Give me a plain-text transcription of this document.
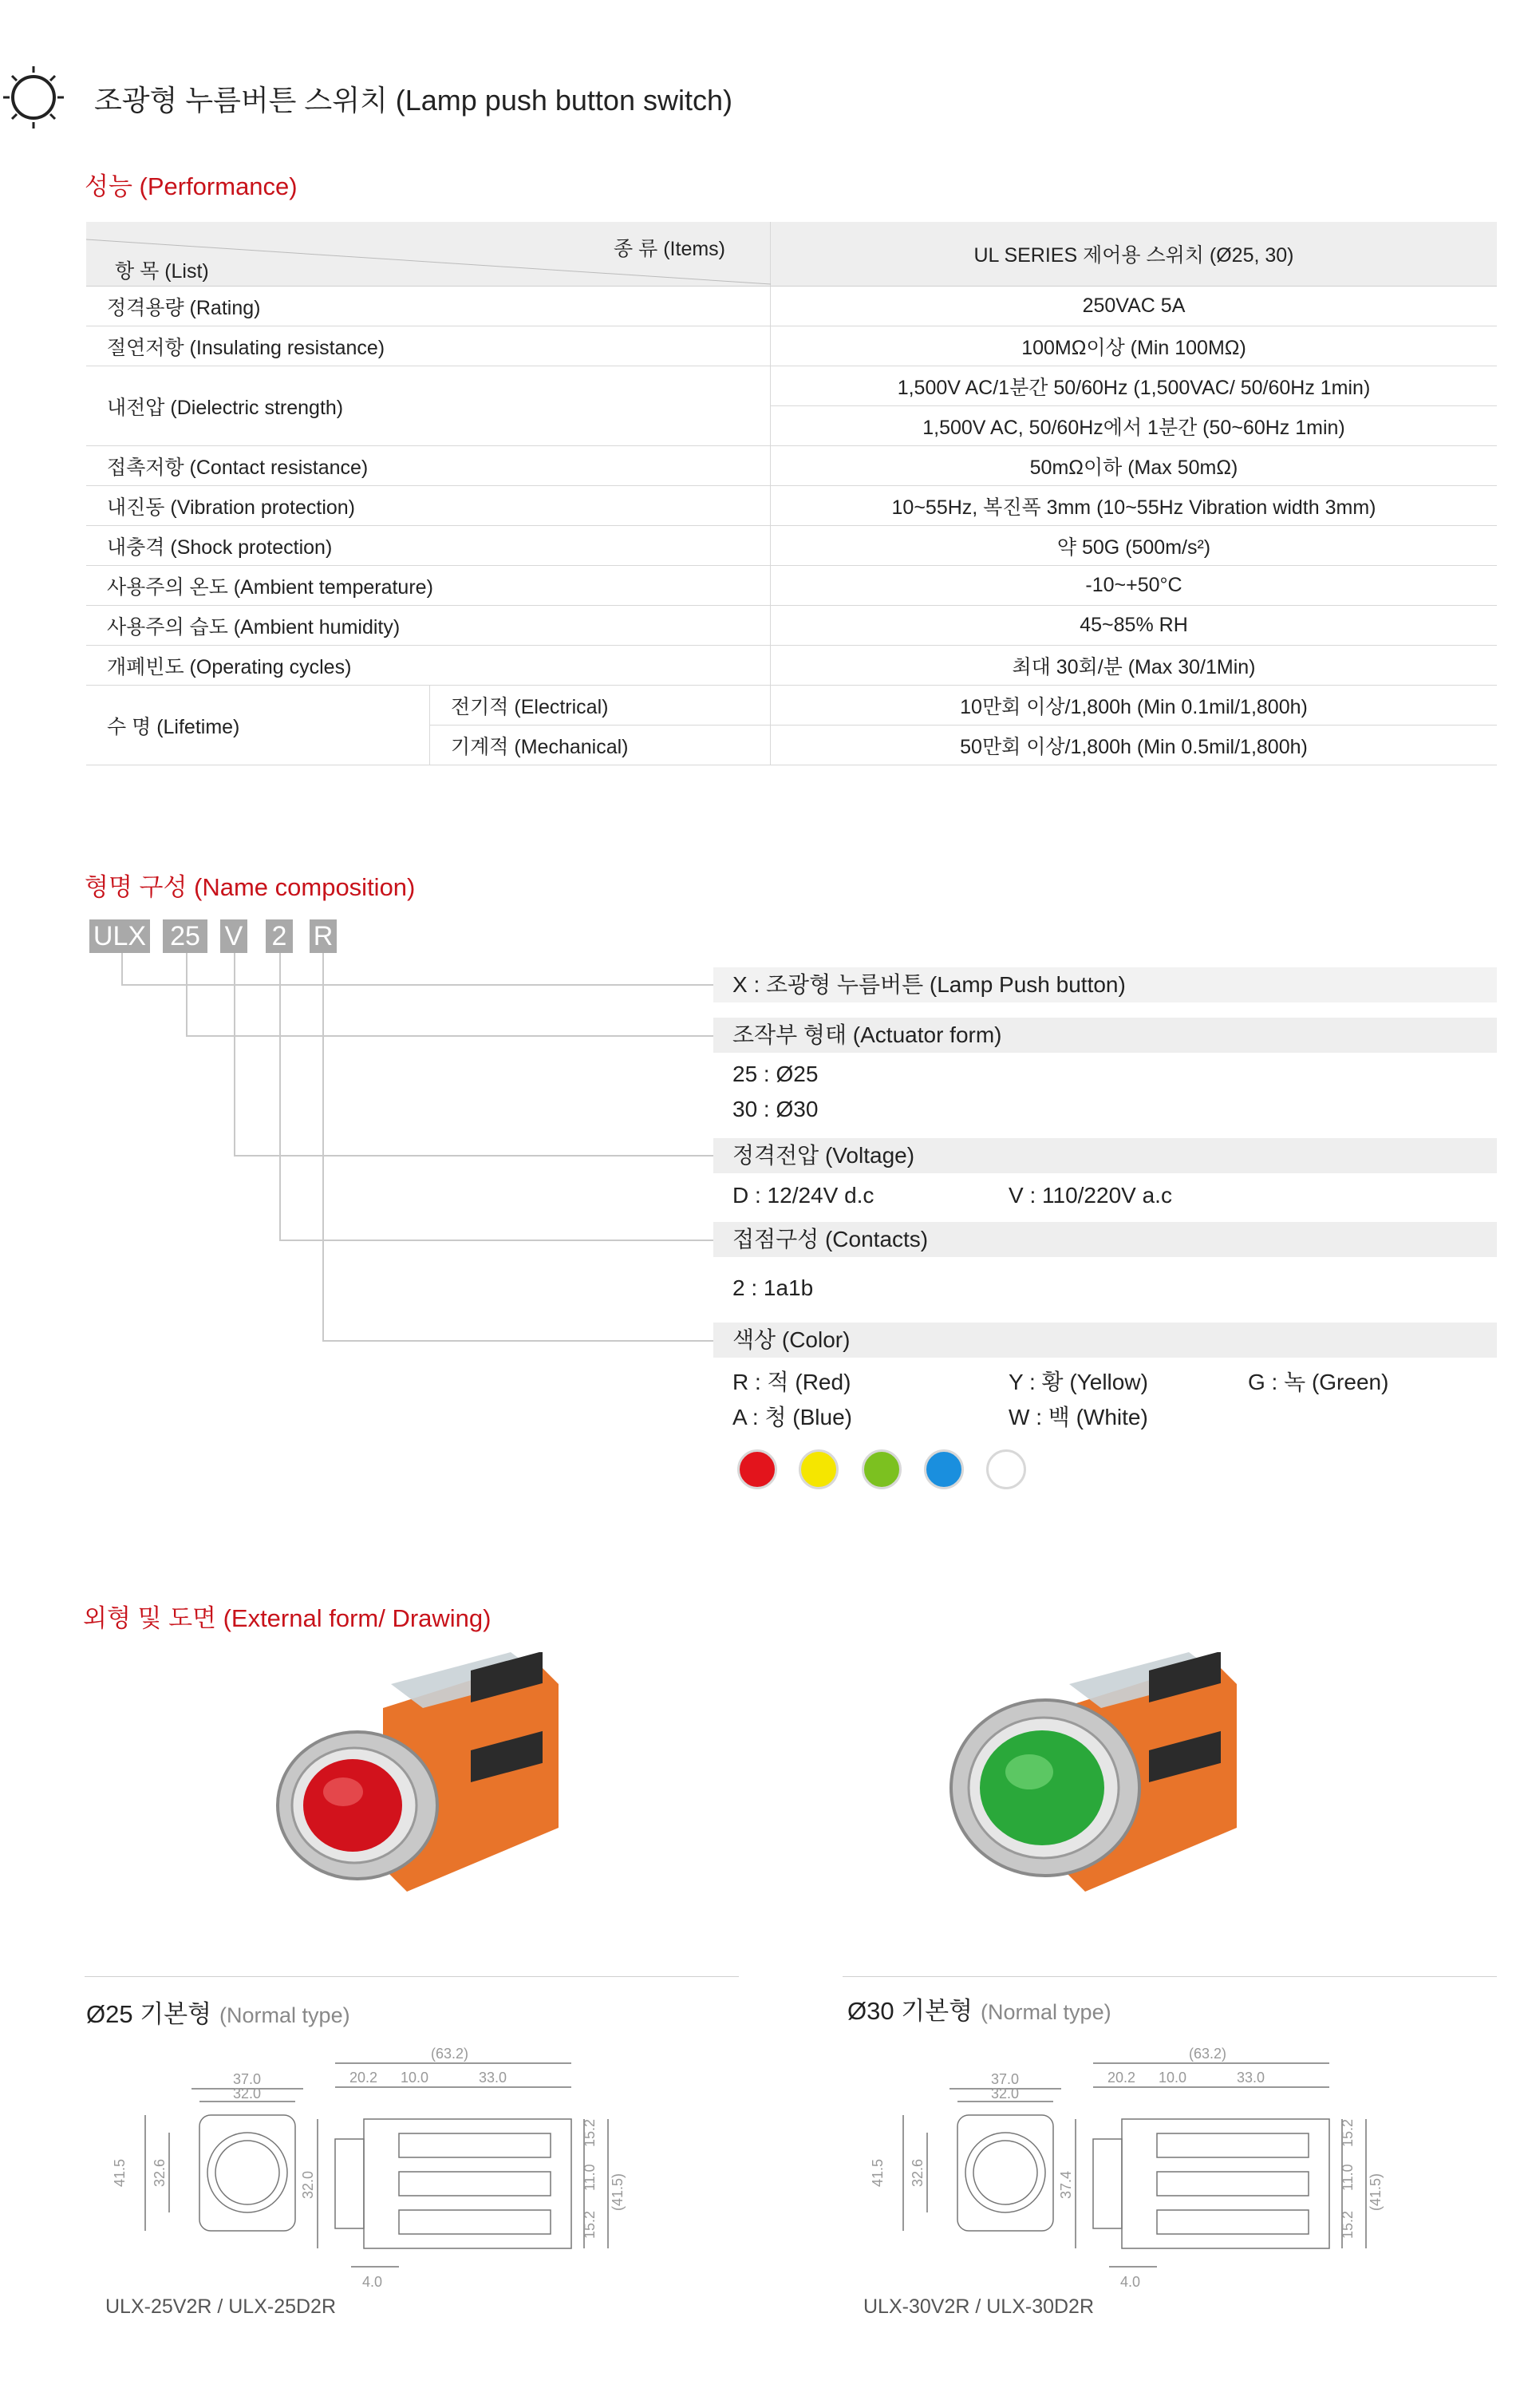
조광형 누름버튼 스위치 (Lamp push button switch)
성능 (Performance)
종 류 (Items)
항 목 (List)		UL SERIES 제어용 스위치 (Ø25, 30)
정격용량 (Rating)		250VAC 5A
절연저항 (Insulating resistance)		100MΩ이상 (Min 100MΩ)
내전압 (Dielectric strength)		1,500V AC/1분간 50/60Hz (1,500VAC/ 50/60Hz 1min)
		1,500V AC, 50/60Hz에서 1분간 (50~60Hz 1min)
접촉저항 (Contact resistance)		50mΩ이하 (Max 50mΩ)
내진동 (Vibration protection)		10~55Hz, 복진폭 3mm (10~55Hz Vibration width 3mm)
내충격 (Shock protection)		약 50G (500m/s²)
사용주의 온도 (Ambient temperature)		-10~+50°C
사용주의 습도 (Ambient humidity)		45~85% RH
개폐빈도 (Operating cycles)		최대 30회/분 (Max 30/1Min)
수 명 (Lifetime)	전기적 (Electrical)	10만회 이상/1,800h (Min 0.1mil/1,800h)
	기계적 (Mechanical)	50만회 이상/1,800h (Min 0.5mil/1,800h)
형명 구성 (Name composition)
ULX 25 V 2 R
X : 조광형 누름버튼 (Lamp Push button)
조작부 형태 (Actuator form)
25 : Ø25
30 : Ø30
정격전압 (Voltage)
D : 12/24V d.c	V : 110/220V a.c
접점구성 (Contacts)
2 : 1a1b
색상 (Color)
R : 적 (Red)	Y : 황 (Yellow)	G : 녹 (Green)
A : 청 (Blue)	W : 백 (White)
외형 및 도면 (External form/ Drawing)
Ø25 기본형 (Normal type)	Ø30 기본형 (Normal type)
37.0
32.0
41.5 32.6
(63.2)
20.2 10.0	33.0
32.0
15.2
11.0
15.2
(41.5)
4.0
37.0
32.0
41.5 32.6
(63.2)
20.2 10.0	33.0
37.4
15.2
11.0
15.2
(41.5)
4.0
ULX-25V2R / ULX-25D2R	ULX-30V2R / ULX-30D2R
